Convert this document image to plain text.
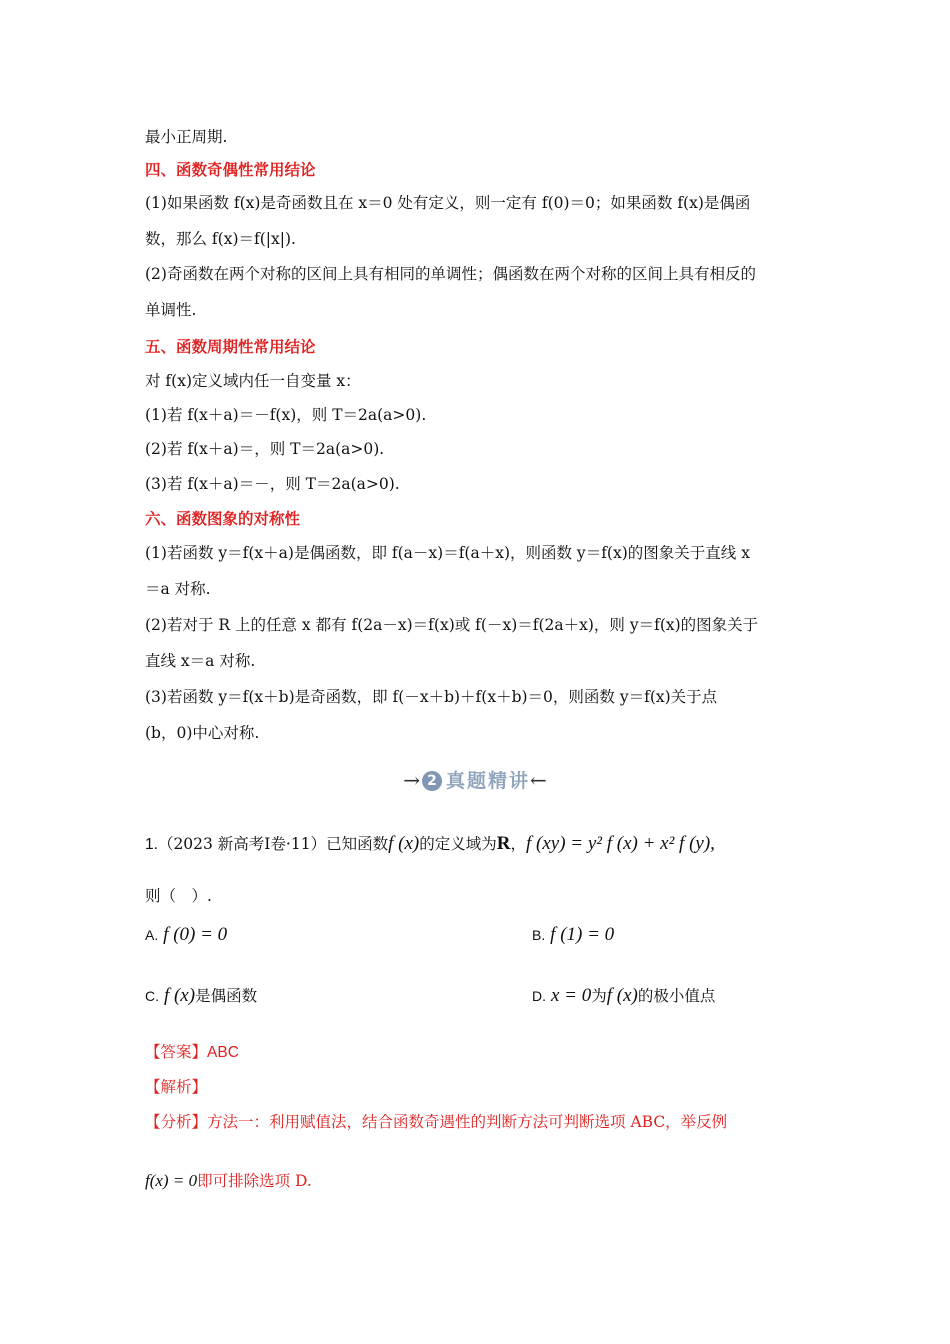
最小正周期.
四、函数奇偶性常用结论
(1)如果函数 f(x)是奇函数且在 x＝0 处有定义，则一定有 f(0)＝0；如果函数 f(x)是偶函
数，那么 f(x)＝f(|x|).
(2)奇函数在两个对称的区间上具有相同的单调性；偶函数在两个对称的区间上具有相反的
单调性.
五、函数周期性常用结论
对 f(x)定义域内任一自变量 x：
(1)若 f(x＋a)＝－f(x)，则 T＝2a(a>0).
(2)若 f(x＋a)＝，则 T＝2a(a>0).
(3)若 f(x＋a)＝－，则 T＝2a(a>0).
六、函数图象的对称性
(1)若函数 y＝f(x＋a)是偶函数，即 f(a－x)＝f(a＋x)，则函数 y＝f(x)的图象关于直线 x
＝a 对称.
(2)若对于 R 上的任意 x 都有 f(2a－x)＝f(x)或 f(－x)＝f(2a＋x)，则 y＝f(x)的图象关于
直线 x＝a 对称.
(3)若函数 y＝f(x＋b)是奇函数，即 f(－x＋b)＋f(x＋b)＝0，则函数 y＝f(x)关于点
(b，0)中心对称.
→ 2 真题精讲←
1.（2023 新高考Ⅰ卷·11）已知函数f (x)的定义域为R，f (xy) = y² f (x) + x² f (y),
则（　）.
A. f (0) = 0	B. f (1) = 0
C. f (x)是偶函数	D. x = 0为f (x)的极小值点
【答案】ABC
【解析】
【分析】方法一：利用赋值法，结合函数奇遇性的判断方法可判断选项 ABC，举反例
f(x) = 0即可排除选项 D.
